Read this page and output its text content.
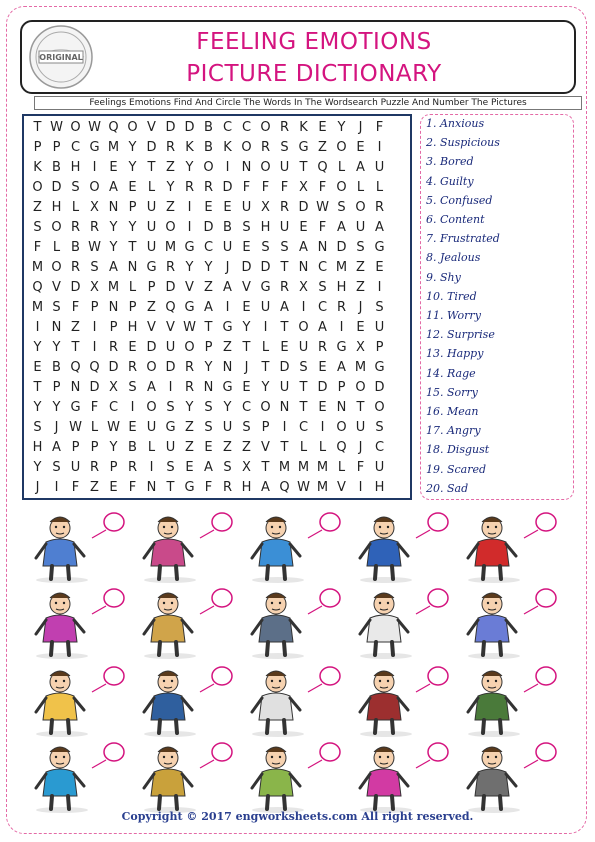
ORIGINAL
FEELING EMOTIONS
PICTURE DICTIONARY
Feelings Emotions Find And Circle The Words In The Wordsearch Puzzle And Number The Pictures
T W O W Q O V D D B C C O R K E Y	J	F
P P C G M Y D R K B K O R S G Z O E I
K B H I E Y T Z Y O I N O U T Q L A U
O D S O A E L Y R R D F F F X F O L L
Z H L X N P U Z I E E U X R D W S O R
S O R R Y Y U O I D B S H U E F A U A
F L B W Y T U M G C U E S S A N D S G
M O R S A N G R Y Y	J D D T N C M Z E
Q V D X M L P D V Z A V G R X S H Z I
M S F P N P Z Q G A I E U A I C R J S
I N Z I	P H V V W T G Y	I	T O A I E U
Y Y T	I R E D U O P Z T L E U R G X P
E B Q Q D R O D R Y N J	T D S E A M G
T P N D X S A I R N G E Y U T D P O D
Y Y G F C I O S Y S Y C O N T E N T O
S J W L W E U G Z S U S P	I C I O U S
H A P P Y B L U Z E Z Z V T L L Q J C
Y S U R P R I S E A S X T M M M L F U
J	I	F Z E F N T G F R H A Q W M V I H
1. Anxious
2. Suspicious
3. Bored
4. Guilty
5. Confused
6. Content
7. Frustrated
8. Jealous
9. Shy
10. Tired
11. Worry
12. Surprise
13. Happy
14. Rage
15. Sorry
16. Mean
17. Angry
18. Disgust
19. Scared
20. Sad
Copyright © 2017 engworksheets.com All right reserved.
